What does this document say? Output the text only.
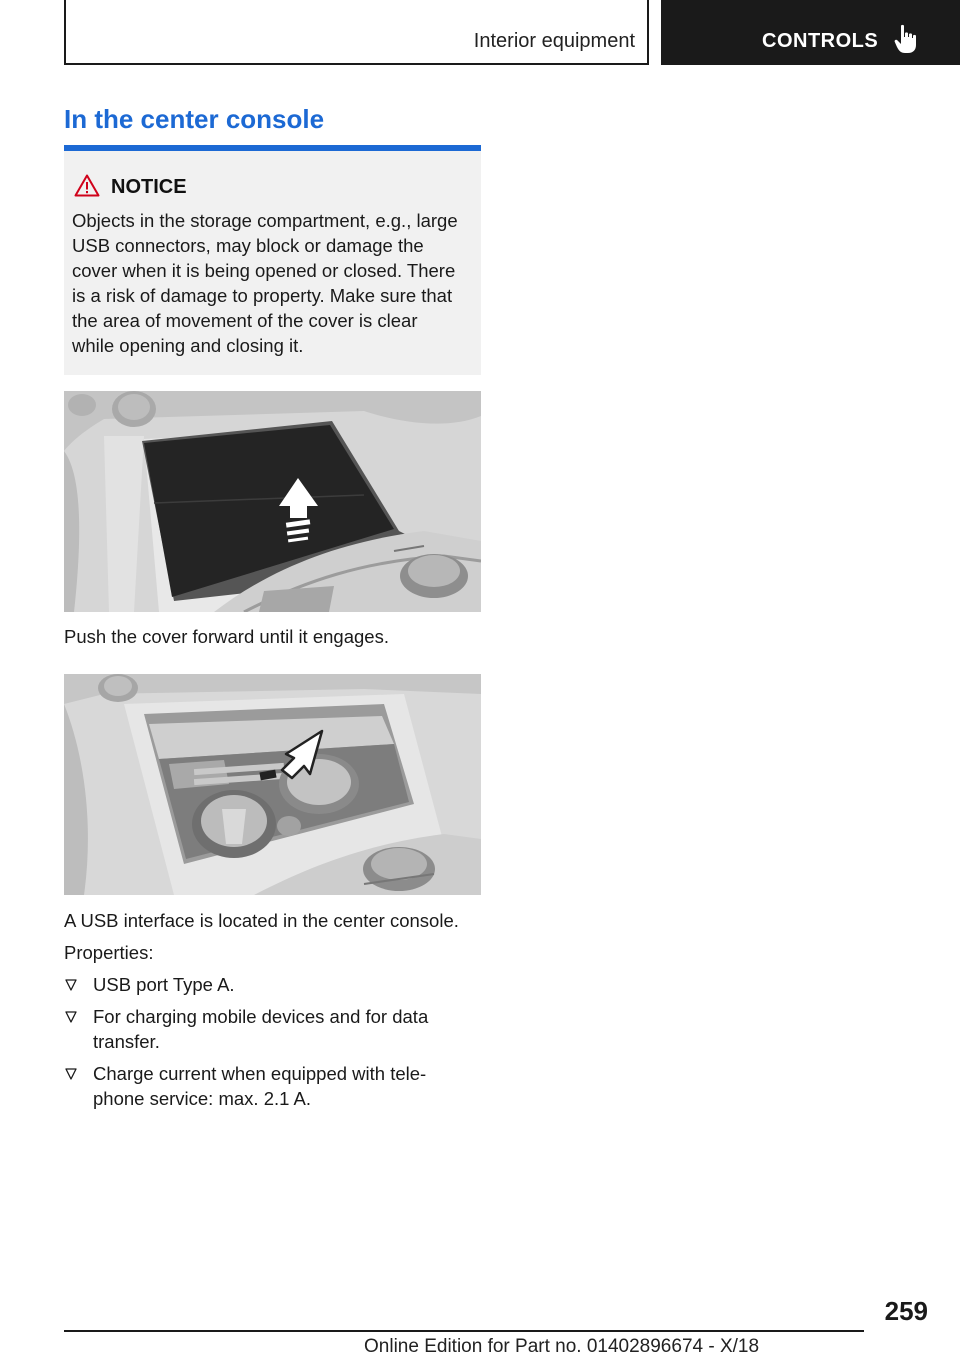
Interior equipment	CONTROLS
In the center console
NOTICE
Objects in the storage compartment, e.g., large
USB connectors, may block or damage the
cover when it is being opened or closed. There
is a risk of damage to property. Make sure that
the area of movement of the cover is clear
while opening and closing it.
Push the cover forward until it engages.
A USB interface is located in the center console.
Properties:
USB port Type A.
For charging mobile devices and for data
transfer.
Charge current when equipped with tele-
phone service: max. 2.1 A.
259
Online Edition for Part no. 01402896674 - X/18
